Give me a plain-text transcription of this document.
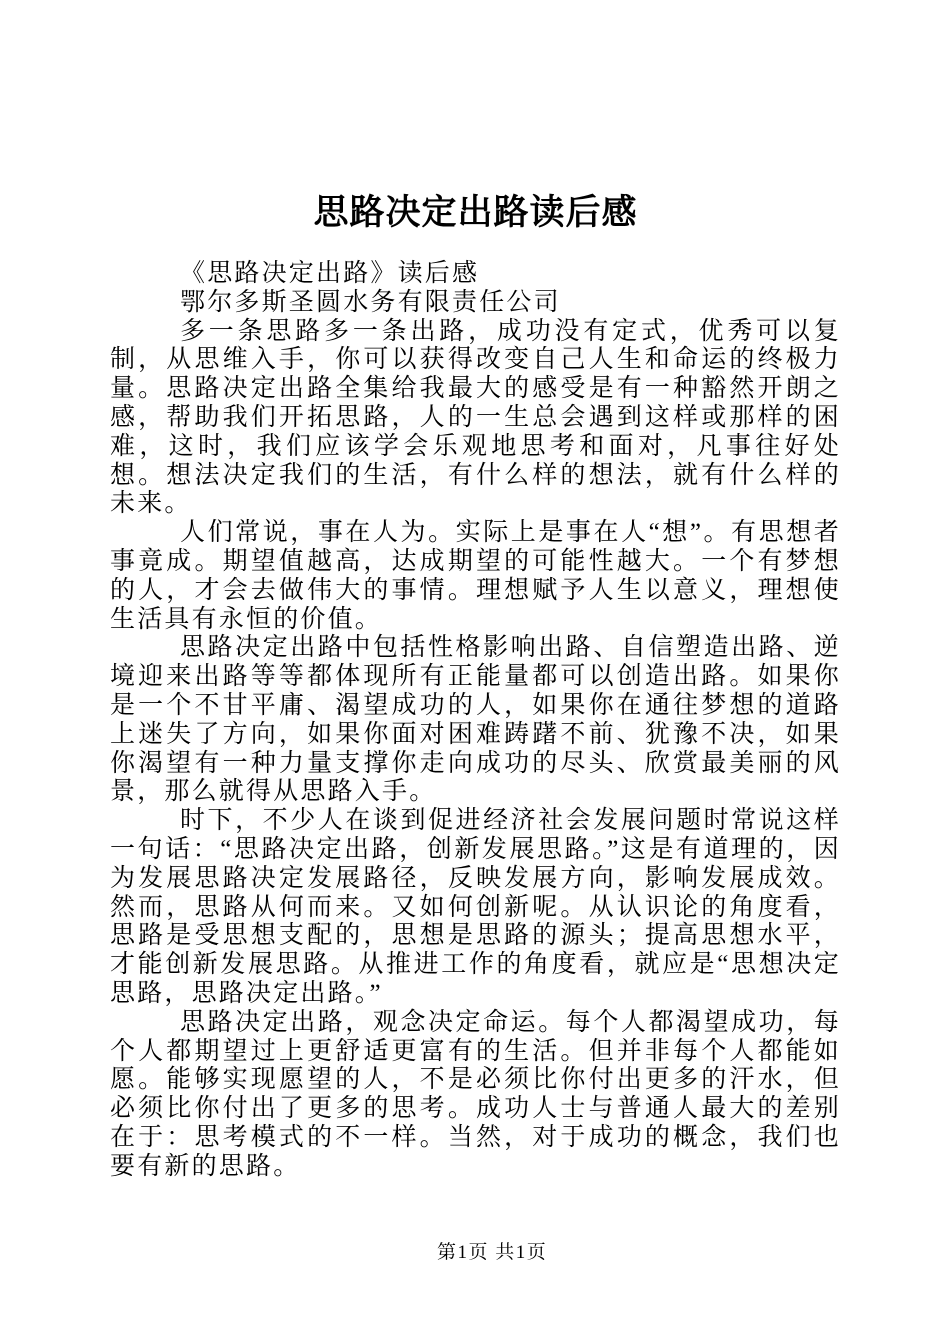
思路决定出路读后感

《思路决定出路》读后感

鄂尔多斯圣圆水务有限责任公司

多一条思路多一条出路，成功没有定式，优秀可以复制，从思维入手，你可以获得改变自己人生和命运的终极力量。思路决定出路全集给我最大的感受是有一种豁然开朗之感，帮助我们开拓思路，人的一生总会遇到这样或那样的困难，这时，我们应该学会乐观地思考和面对，凡事往好处想。想法决定我们的生活，有什么样的想法，就有什么样的未来。

人们常说，事在人为。实际上是事在人“想”。有思想者事竟成。期望值越高，达成期望的可能性越大。一个有梦想的人，才会去做伟大的事情。理想赋予人生以意义，理想使生活具有永恒的价值。

思路决定出路中包括性格影响出路、自信塑造出路、逆境迎来出路等等都体现所有正能量都可以创造出路。如果你是一个不甘平庸、渴望成功的人，如果你在通往梦想的道路上迷失了方向，如果你面对困难踌躇不前、犹豫不决，如果你渴望有一种力量支撑你走向成功的尽头、欣赏最美丽的风景，那么就得从思路入手。

时下，不少人在谈到促进经济社会发展问题时常说这样一句话：“思路决定出路，创新发展思路。”这是有道理的，因为发展思路决定发展路径，反映发展方向，影响发展成效。然而，思路从何而来。又如何创新呢。从认识论的角度看，思路是受思想支配的，思想是思路的源头；提高思想水平，才能创新发展思路。从推进工作的角度看，就应是“思想决定思路，思路决定出路。”

思路决定出路，观念决定命运。每个人都渴望成功，每个人都期望过上更舒适更富有的生活。但并非每个人都能如愿。能够实现愿望的人，不是必须比你付出更多的汗水，但必须比你付出了更多的思考。成功人士与普通人最大的差别在于：思考模式的不一样。当然，对于成功的概念，我们也要有新的思路。

第1页 共1页
